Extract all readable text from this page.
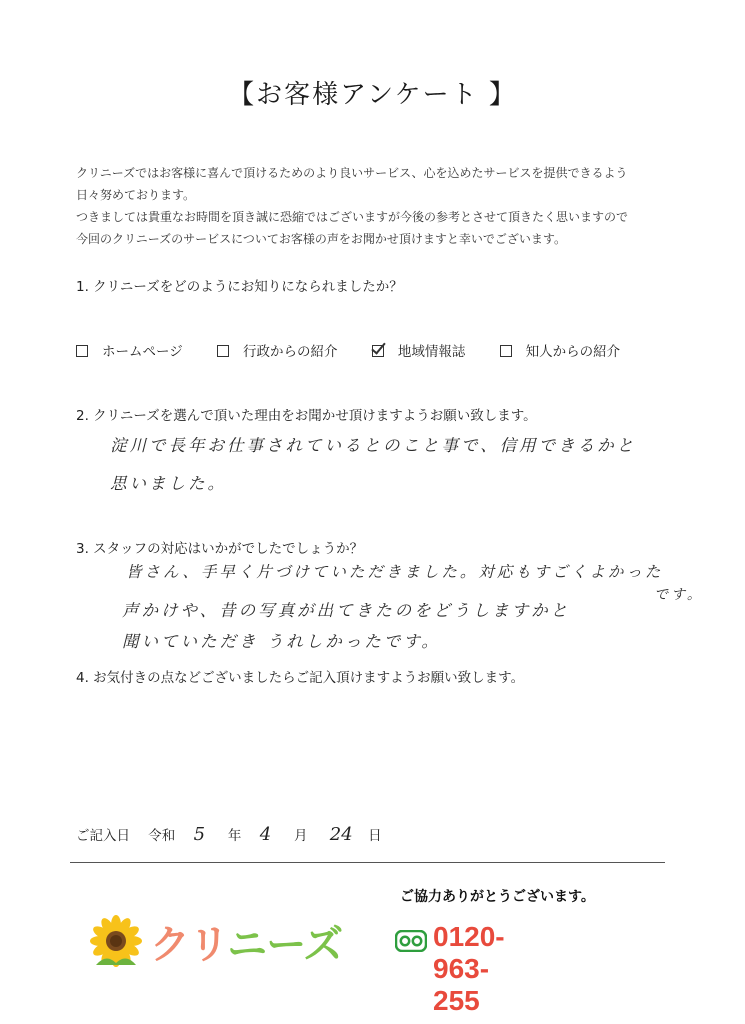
【お客様アンケート 】
クリニーズではお客様に喜んで頂けるためのより良いサービス、心を込めたサービスを提供できるよう
日々努めております。
つきましては貴重なお時間を頂き誠に恐縮ではございますが今後の参考とさせて頂きたく思いますので
今回のクリニーズのサービスについてお客様の声をお聞かせ頂けますと幸いでございます。
1. クリニーズをどのようにお知りになられましたか？
ホームページ	行政からの紹介	地域情報誌	知人からの紹介
2. クリニーズを選んで頂いた理由をお聞かせ頂けますようお願い致します。
淀川で長年お仕事されているとのこと事で、信用できるかと
思いました。
3. スタッフの対応はいかがでしたでしょうか？
皆さん、手早く片づけていただきました。対応もすごくよかった
です。
声かけや、昔の写真が出てきたのをどうしますかと
聞いていただき うれしかったです。
4. お気付きの点などございましたらご記入頂けますようお願い致します。
ご記入日 令和 5 年 4 月 24 日
ご協力ありがとうございます。
クリニーズ	0120-963-255
